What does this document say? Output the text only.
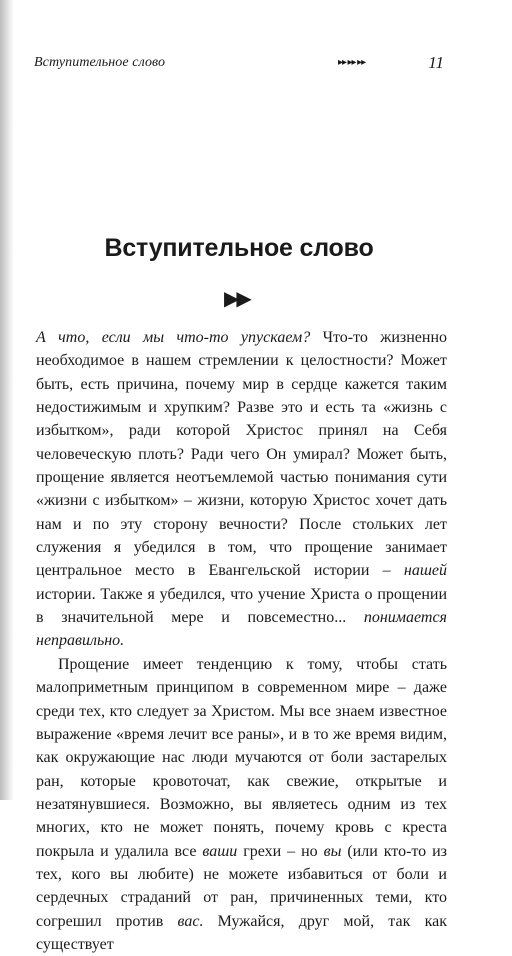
Вступительное слово	▸▸ ▸▸ ▸▸	11
Вступительное слово
▶▶

А что, если мы что-то упускаем? Что-то жизненно необходимое в нашем стремлении к целостности? Может быть, есть причина, почему мир в сердце кажется таким недостижимым и хрупким? Разве это и есть та «жизнь с избытком», ради которой Христос принял на Себя человеческую плоть? Ради чего Он умирал? Может быть, прощение является неотъемлемой частью понимания сути «жизни с избытком» – жизни, которую Христос хочет дать нам и по эту сторону вечности? После стольких лет служения я убедился в том, что прощение занимает центральное место в Евангельской истории – нашей истории. Также я убедился, что учение Христа о прощении в значительной мере и повсеместно... понимается неправильно.

Прощение имеет тенденцию к тому, чтобы стать малоприметным принципом в современном мире – даже среди тех, кто следует за Христом. Мы все знаем известное выражение «время лечит все раны», и в то же время видим, как окружающие нас люди мучаются от боли застарелых ран, которые кровоточат, как свежие, открытые и незатянувшиеся. Возможно, вы являетесь одним из тех многих, кто не может понять, почему кровь с креста покрыла и удалила все ваши грехи – но вы (или кто-то из тех, кого вы любите) не можете избавиться от боли и сердечных страданий от ран, причиненных теми, кто согрешил против вас. Мужайся, друг мой, так как существует
